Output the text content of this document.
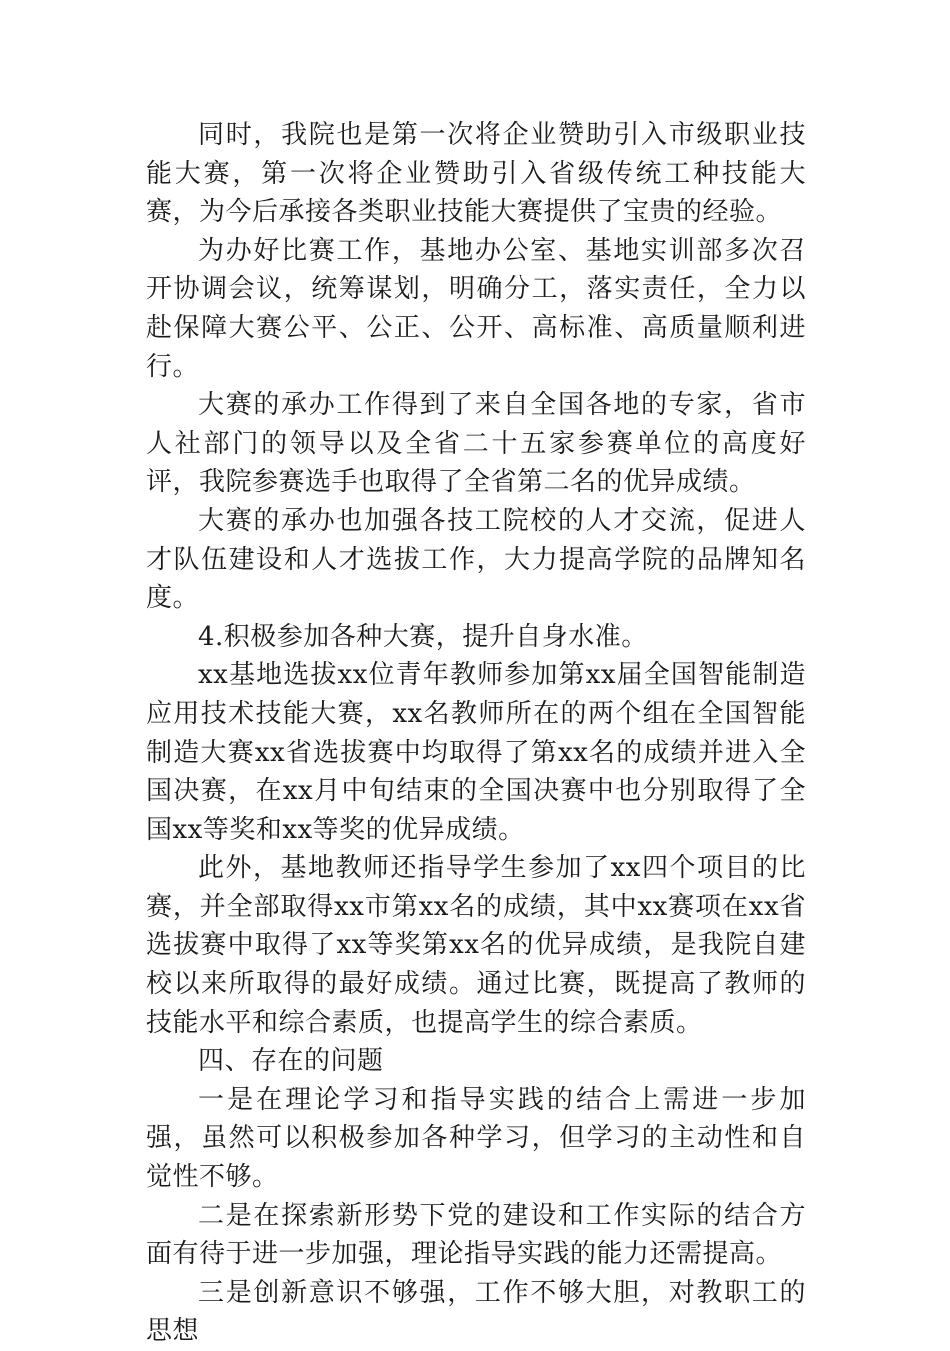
同时，我院也是第一次将企业赞助引入市级职业技能大赛，第一次将企业赞助引入省级传统工种技能大赛，为今后承接各类职业技能大赛提供了宝贵的经验。

为办好比赛工作，基地办公室、基地实训部多次召开协调会议，统筹谋划，明确分工，落实责任，全力以赴保障大赛公平、公正、公开、高标准、高质量顺利进行。

大赛的承办工作得到了来自全国各地的专家，省市人社部门的领导以及全省二十五家参赛单位的高度好评，我院参赛选手也取得了全省第二名的优异成绩。

大赛的承办也加强各技工院校的人才交流，促进人才队伍建设和人才选拔工作，大力提高学院的品牌知名度。

4.积极参加各种大赛，提升自身水准。

xx基地选拔xx位青年教师参加第xx届全国智能制造应用技术技能大赛，xx名教师所在的两个组在全国智能制造大赛xx省选拔赛中均取得了第xx名的成绩并进入全国决赛，在xx月中旬结束的全国决赛中也分别取得了全国xx等奖和xx等奖的优异成绩。

此外，基地教师还指导学生参加了xx四个项目的比赛，并全部取得xx市第xx名的成绩，其中xx赛项在xx省选拔赛中取得了xx等奖第xx名的优异成绩，是我院自建校以来所取得的最好成绩。通过比赛，既提高了教师的技能水平和综合素质，也提高学生的综合素质。

四、存在的问题

一是在理论学习和指导实践的结合上需进一步加强，虽然可以积极参加各种学习，但学习的主动性和自觉性不够。

二是在探索新形势下党的建设和工作实际的结合方面有待于进一步加强，理论指导实践的能力还需提高。

三是创新意识不够强，工作不够大胆，对教职工的思想
